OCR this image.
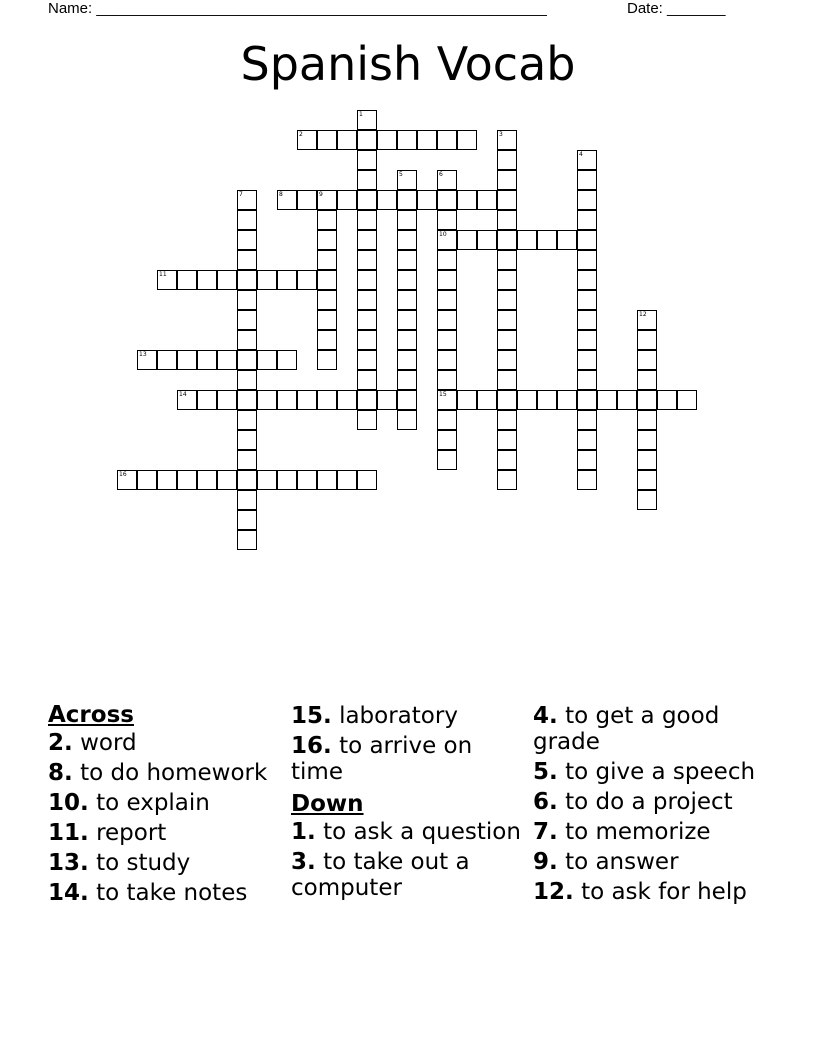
Name: ______________________________________________________	Date: _______
Spanish Vocab
1
2	3
4
5	6
10
15
7	8	9
11
12
13
14
16
Across
2. word
8. to do homework
10. to explain
11. report
13. to study
14. to take notes
15. laboratory
16. to arrive on time
Down
1. to ask a question
3. to take out a computer
4. to get a good grade
5. to give a speech
6. to do a project
7. to memorize
9. to answer
12. to ask for help
